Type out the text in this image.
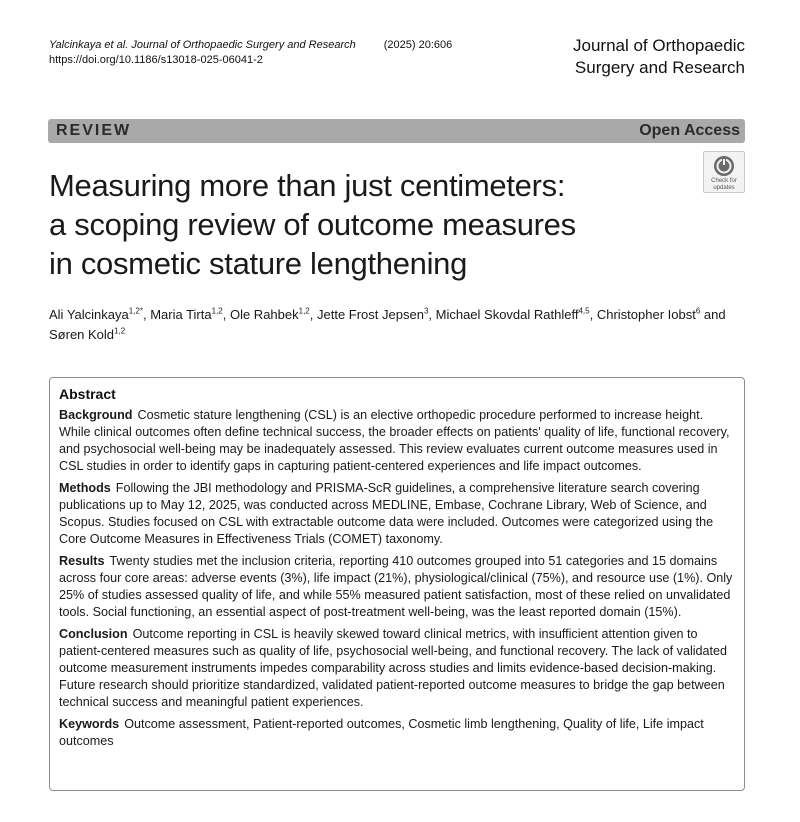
Yalcinkaya et al. Journal of Orthopaedic Surgery and Research	(2025) 20:606
https://doi.org/10.1186/s13018-025-06041-2
Journal of Orthopaedic
Surgery and Research
REVIEW	Open Access
Check for
updates
Measuring more than just centimeters:
a scoping review of outcome measures
in cosmetic stature lengthening
Ali Yalcinkaya$^{1,2*}$, Maria Tirta$^{1,2}$, Ole Rahbek$^{1,2}$, Jette Frost Jepsen$^3$, Michael Skovdal Rathleff$^{4,5}$, Christopher Iobst$^6$ and
Søren Kold$^{1,2}$
Abstract

Background Cosmetic stature lengthening (CSL) is an elective orthopedic procedure performed to increase height. While clinical outcomes often define technical success, the broader effects on patients' quality of life, functional recovery, and psychosocial well-being may be inadequately assessed. This review evaluates current outcome measures used in CSL studies in order to identify gaps in capturing patient-centered experiences and life impact outcomes.

Methods Following the JBI methodology and PRISMA-ScR guidelines, a comprehensive literature search covering publications up to May 12, 2025, was conducted across MEDLINE, Embase, Cochrane Library, Web of Science, and Scopus. Studies focused on CSL with extractable outcome data were included. Outcomes were categorized using the Core Outcome Measures in Effectiveness Trials (COMET) taxonomy.

Results Twenty studies met the inclusion criteria, reporting 410 outcomes grouped into 51 categories and 15 domains across four core areas: adverse events (3%), life impact (21%), physiological/clinical (75%), and resource use (1%). Only 25% of studies assessed quality of life, and while 55% measured patient satisfaction, most of these relied on unvalidated tools. Social functioning, an essential aspect of post-treatment well-being, was the least reported domain (15%).

Conclusion Outcome reporting in CSL is heavily skewed toward clinical metrics, with insufficient attention given to patient-centered measures such as quality of life, psychosocial well-being, and functional recovery. The lack of validated outcome measurement instruments impedes comparability across studies and limits evidence-based decision-making. Future research should prioritize standardized, validated patient-reported outcome measures to bridge the gap between technical success and meaningful patient experiences.

Keywords Outcome assessment, Patient-reported outcomes, Cosmetic limb lengthening, Quality of life, Life impact outcomes
